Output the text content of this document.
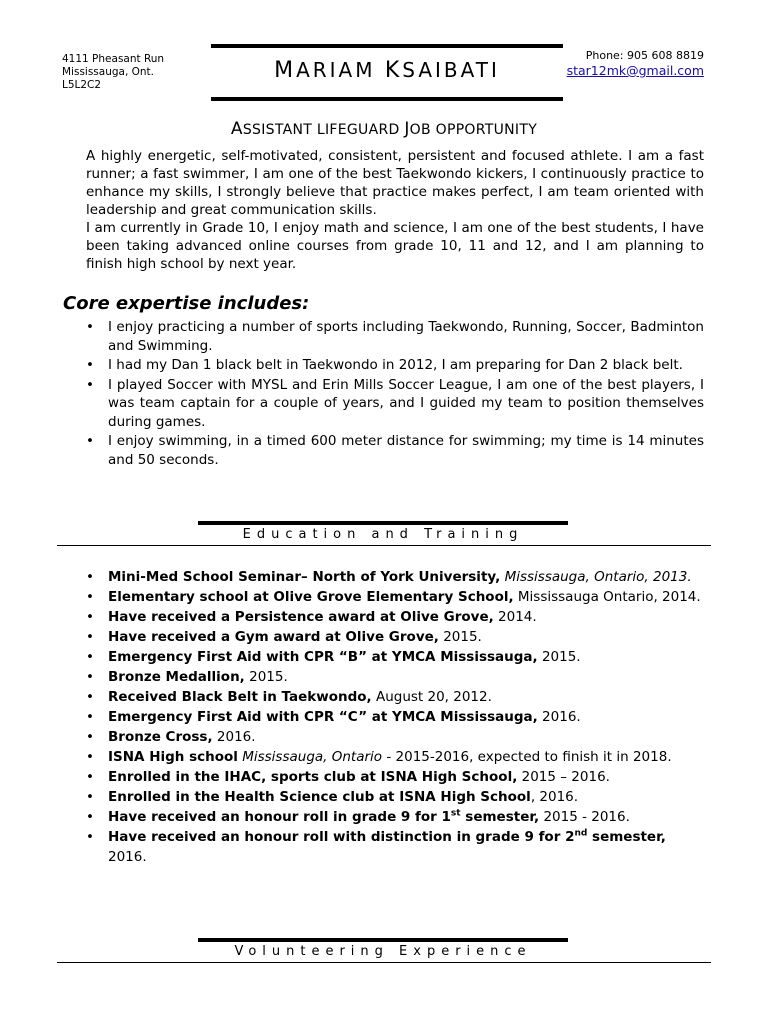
4111 Pheasant Run
Mississauga, Ont.
L5L2C2
MARIAM KSAIBATI
Phone: 905 608 8819
star12mk@gmail.com
ASSISTANT LIFEGUARD JOB OPPORTUNITY

A highly energetic, self-motivated, consistent, persistent and focused athlete. I am a fast runner; a fast swimmer, I am one of the best Taekwondo kickers, I continuously practice to enhance my skills, I strongly believe that practice makes perfect, I am team oriented with leadership and great communication skills.

I am currently in Grade 10, I enjoy math and science, I am one of the best students, I have been taking advanced online courses from grade 10, 11 and 12, and I am planning to finish high school by next year.

Core expertise includes:
• I enjoy practicing a number of sports including Taekwondo, Running, Soccer, Badminton and Swimming.
• I had my Dan 1 black belt in Taekwondo in 2012, I am preparing for Dan 2 black belt.
• I played Soccer with MYSL and Erin Mills Soccer League, I am one of the best players, I was team captain for a couple of years, and I guided my team to position themselves during games.
• I enjoy swimming, in a timed 600 meter distance for swimming; my time is 14 minutes and 50 seconds.
Education and Training
• Mini-Med School Seminar– North of York University, Mississauga, Ontario, 2013.
• Elementary school at Olive Grove Elementary School, Mississauga Ontario, 2014.
• Have received a Persistence award at Olive Grove, 2014.
• Have received a Gym award at Olive Grove, 2015.
• Emergency First Aid with CPR “B” at YMCA Mississauga, 2015.
• Bronze Medallion, 2015.
• Received Black Belt in Taekwondo, August 20, 2012.
• Emergency First Aid with CPR “C” at YMCA Mississauga, 2016.
• Bronze Cross, 2016.
• ISNA High school Mississauga, Ontario - 2015-2016, expected to finish it in 2018.
• Enrolled in the IHAC, sports club at ISNA High School, 2015 – 2016.
• Enrolled in the Health Science club at ISNA High School, 2016.
• Have received an honour roll in grade 9 for 1st semester, 2015 - 2016.
• Have received an honour roll with distinction in grade 9 for 2nd semester, 2016.
Volunteering Experience
